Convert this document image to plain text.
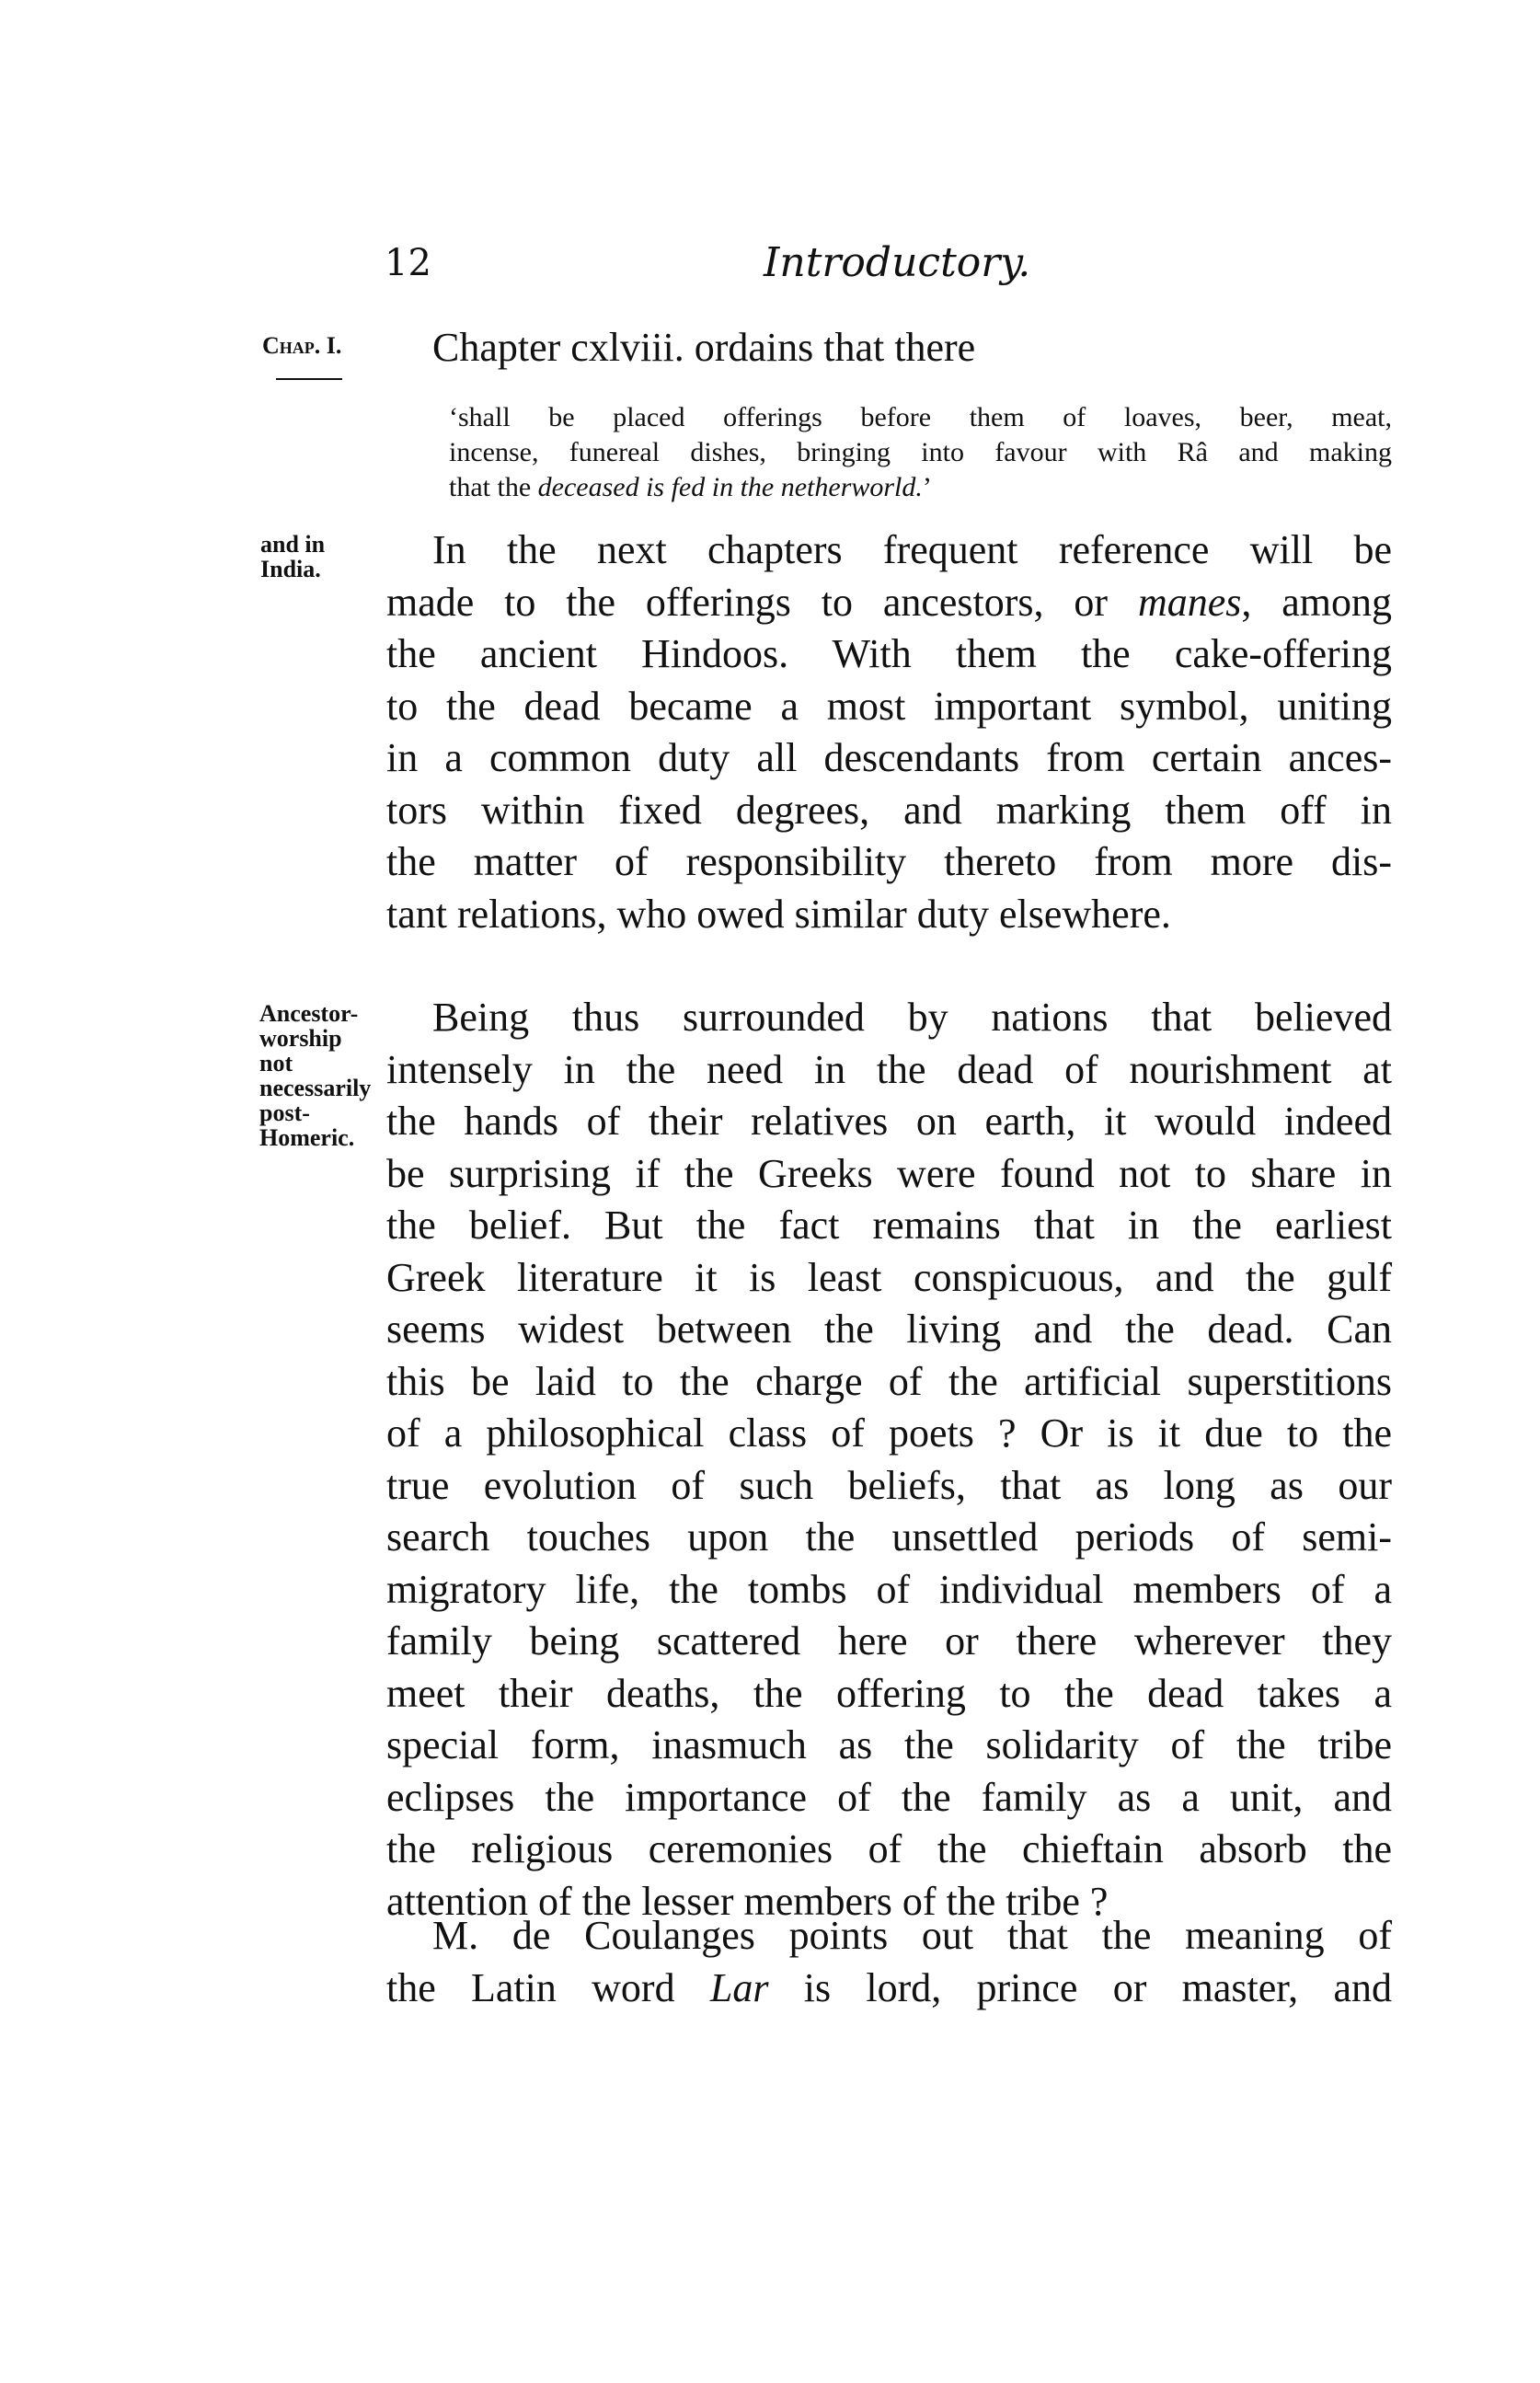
12	Introductory.
Chap. I.
and in
India.
Ancestor-
worship
not
necessarily
post-
Homeric.
Chapter cxlviii. ordains that there
‘shall be placed offerings before them of loaves, beer, meat,
incense, funereal dishes, bringing into favour with Râ and making
that the deceased is fed in the netherworld.’
In the next chapters frequent reference will be
made to the offerings to ancestors, or manes, among
the ancient Hindoos. With them the cake-offering
to the dead became a most important symbol, uniting
in a common duty all descendants from certain ances-
tors within fixed degrees, and marking them off in
the matter of responsibility thereto from more dis-
tant relations, who owed similar duty elsewhere.
Being thus surrounded by nations that believed
intensely in the need in the dead of nourishment at
the hands of their relatives on earth, it would indeed
be surprising if the Greeks were found not to share in
the belief. But the fact remains that in the earliest
Greek literature it is least conspicuous, and the gulf
seems widest between the living and the dead. Can
this be laid to the charge of the artificial superstitions
of a philosophical class of poets ? Or is it due to the
true evolution of such beliefs, that as long as our
search touches upon the unsettled periods of semi-
migratory life, the tombs of individual members of a
family being scattered here or there wherever they
meet their deaths, the offering to the dead takes a
special form, inasmuch as the solidarity of the tribe
eclipses the importance of the family as a unit, and
the religious ceremonies of the chieftain absorb the
attention of the lesser members of the tribe ?
M. de Coulanges points out that the meaning of
the Latin word Lar is lord, prince or master, and
